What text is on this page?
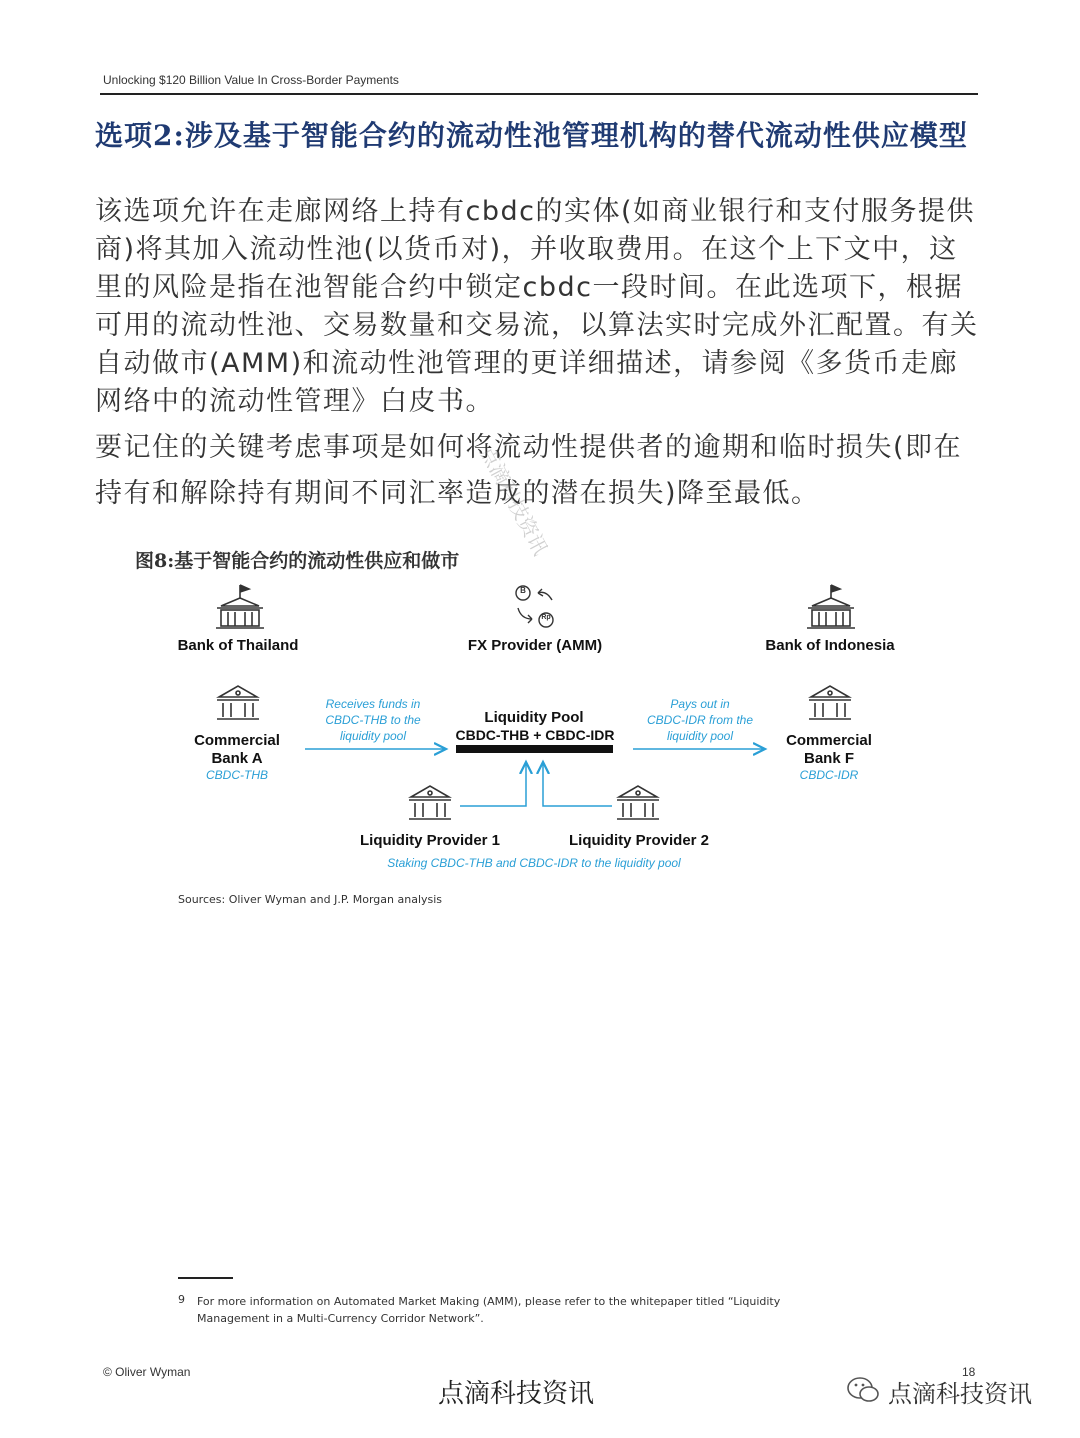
Unlocking $120 Billion Value In Cross-Border Payments
选项2:涉及基于智能合约的流动性池管理机构的替代流动性供应模型
该选项允许在走廊网络上持有cbdc的实体(如商业银行和支付服务提供商)将其加入流动性池(以货币对)，并收取费用。在这个上下文中，这里的风险是指在池智能合约中锁定cbdc一段时间。在此选项下，根据可用的流动性池、交易数量和交易流，以算法实时完成外汇配置。有关自动做市(AMM)和流动性池管理的更详细描述，请参阅《多货币走廊网络中的流动性管理》白皮书。
要记住的关键考虑事项是如何将流动性提供者的逾期和临时损失(即在持有和解除持有期间不同汇率造成的潜在损失)降至最低。
点滴科技资讯
图8:基于智能合约的流动性供应和做市
B
Rp
Bank of Thailand	FX Provider (AMM)	Bank of Indonesia
Commercial
Bank A
CBDC-THB
Commercial
Bank F
CBDC-IDR
Receives funds in
CBDC-THB to the
liquidity pool
Pays out in
CBDC-IDR from the
liquidity pool
Liquidity Pool
CBDC-THB + CBDC-IDR
Liquidity Provider 1	Liquidity Provider 2
Staking CBDC-THB and CBDC-IDR to the liquidity pool
Sources: Oliver Wyman and J.P. Morgan analysis
9 For more information on Automated Market Making (AMM), please refer to the whitepaper titled “Liquidity Management in a Multi-Currency Corridor Network”.
© Oliver Wyman	18
点滴科技资讯	点滴科技资讯
